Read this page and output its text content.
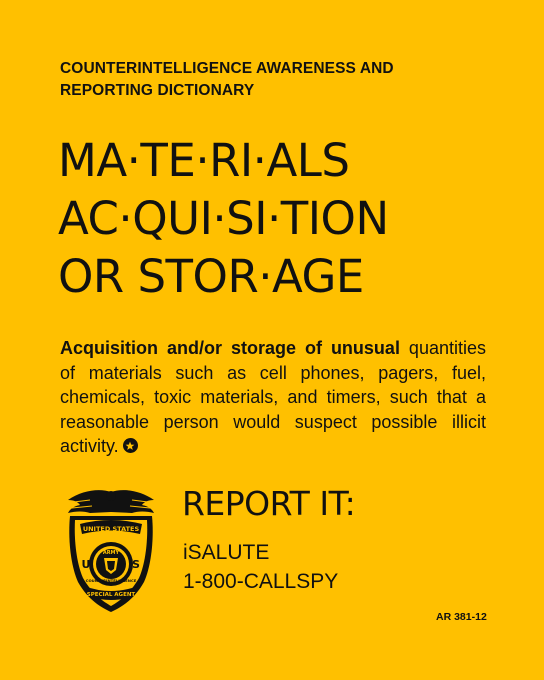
COUNTERINTELLIGENCE AWARENESS AND
REPORTING DICTIONARY
MA·TE·RI·ALS
AC·QUI·SI·TION
OR STOR·AGE
Acquisition and/or storage of unusual quantities of materials such as cell phones, pagers, fuel, chemicals, toxic materials, and timers, such that a reasonable person would suspect possible illicit activity.
UNITED STATES
ARMY
COUNTERINTELLIGENCE
U	S
SPECIAL AGENT
REPORT IT:
iSALUTE
1-800-CALLSPY
AR 381-12
